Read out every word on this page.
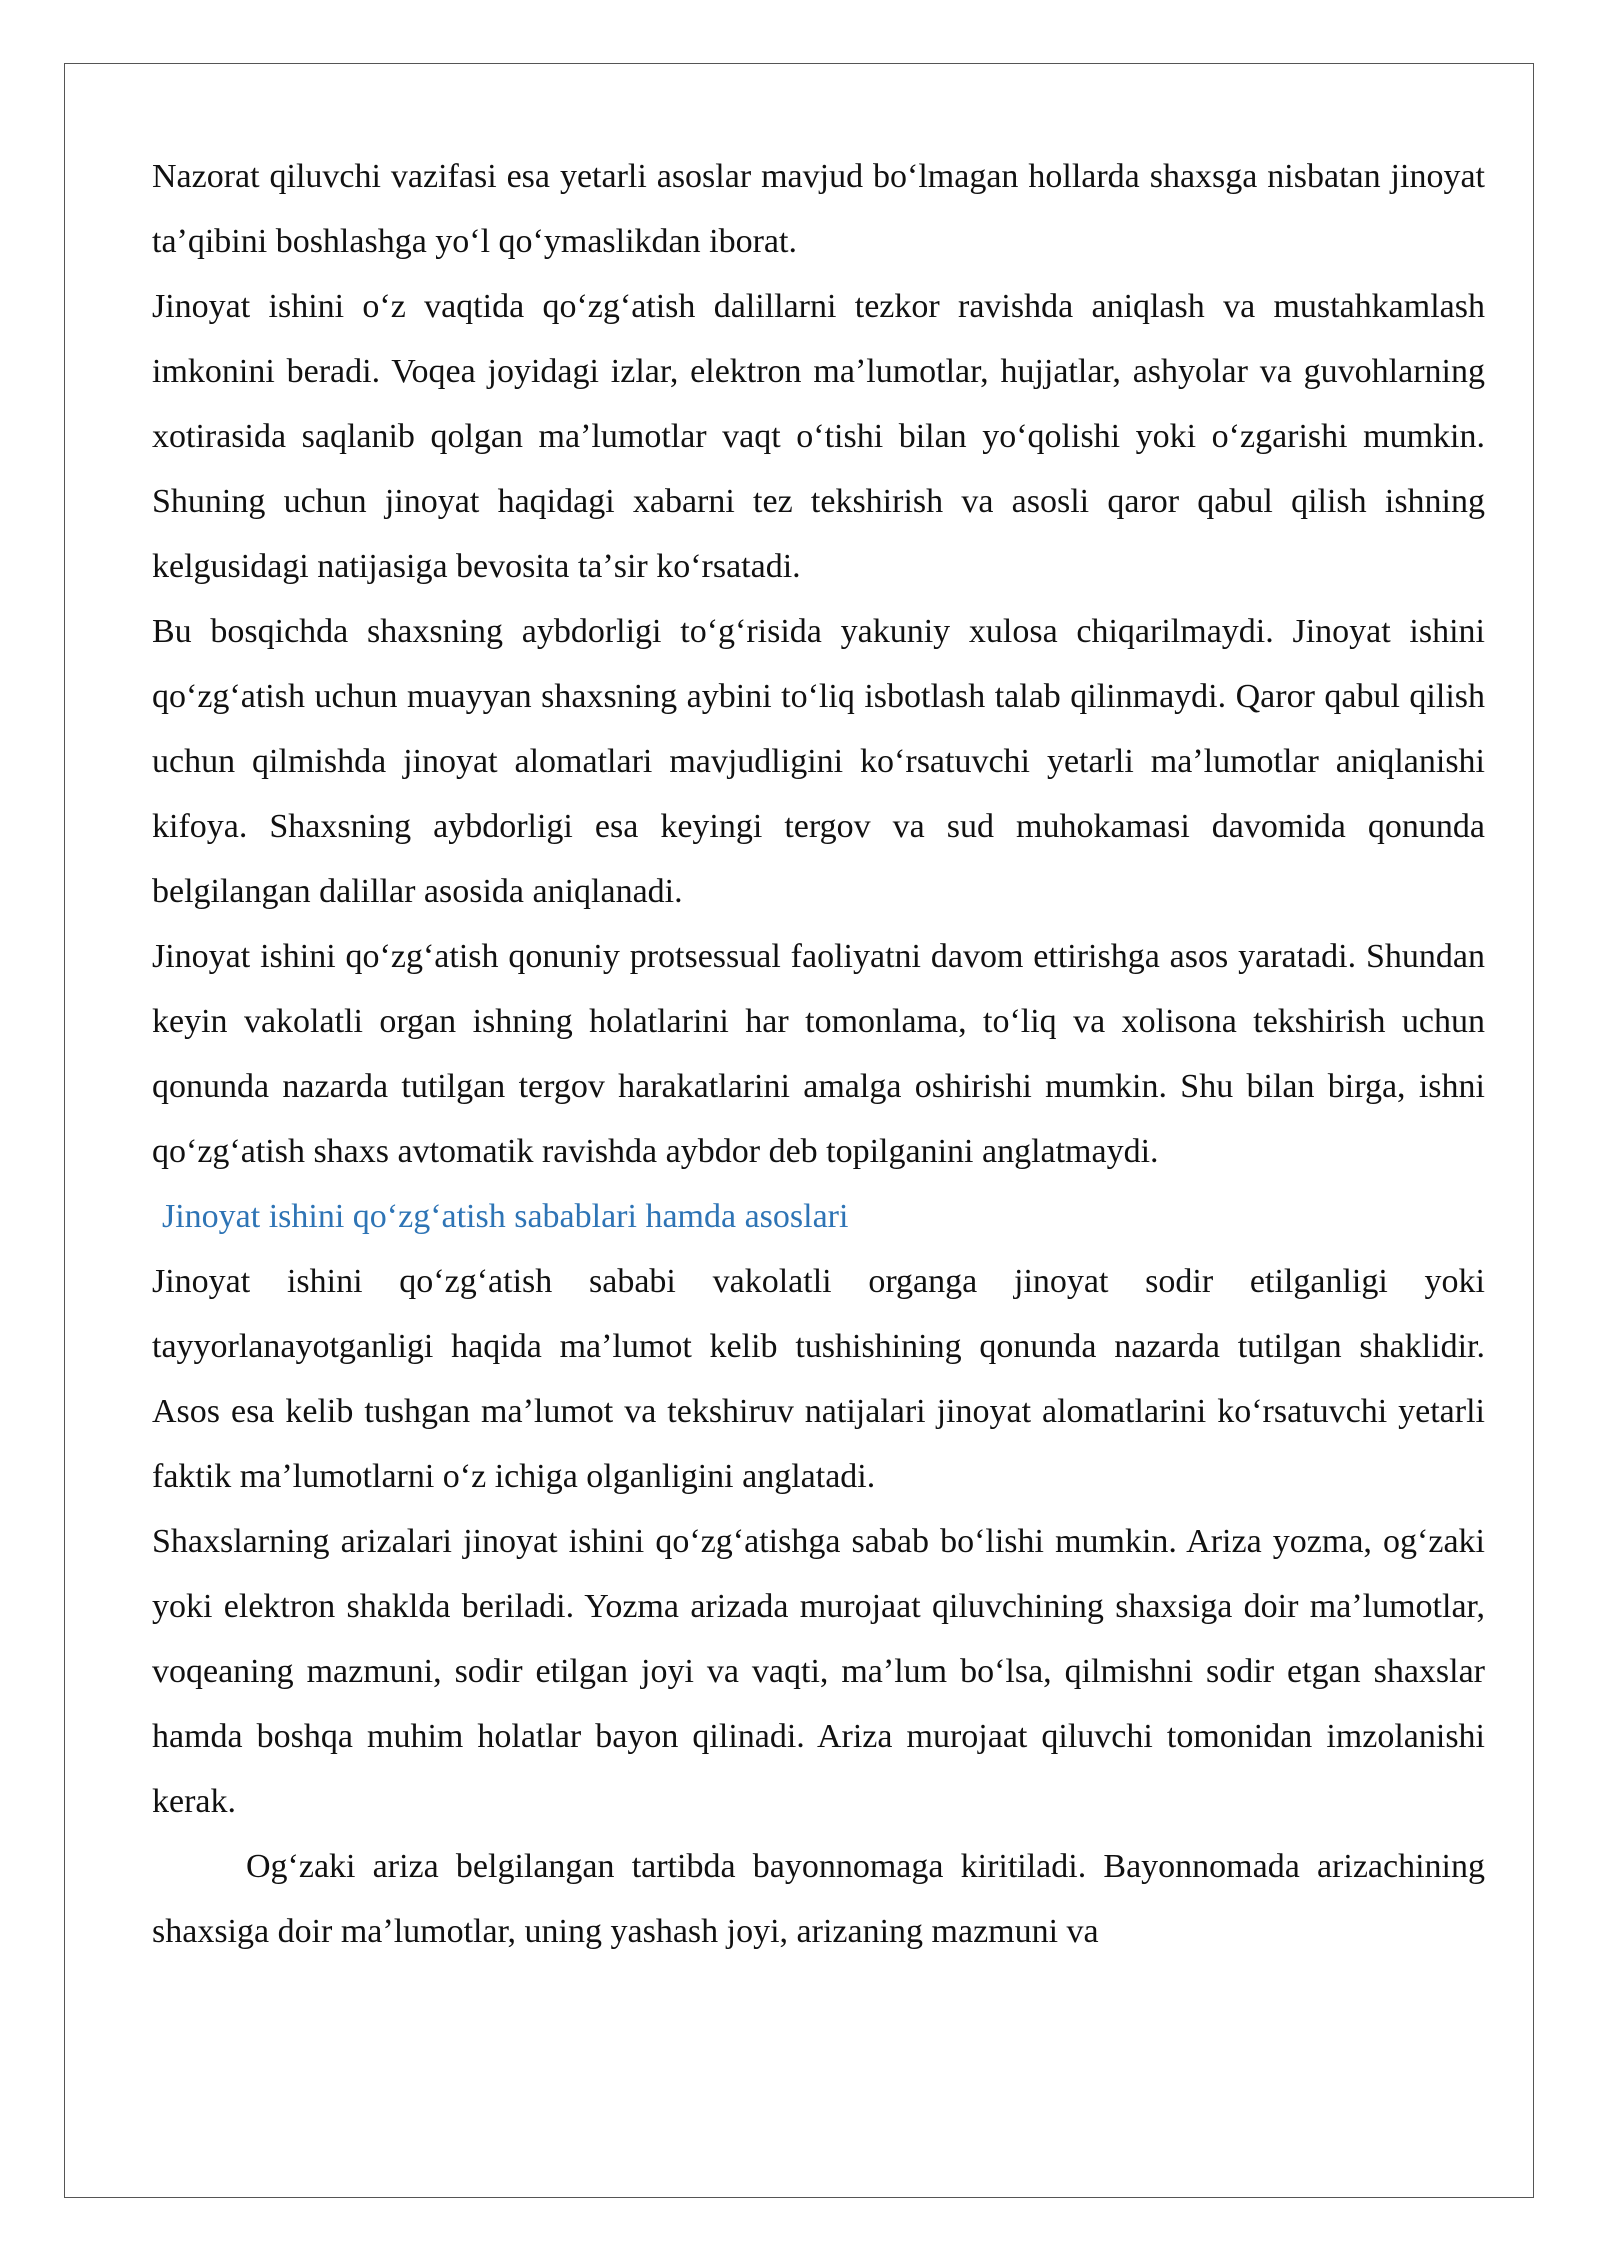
Nazorat qiluvchi vazifasi esa yetarli asoslar mavjud boʻlmagan hollarda shaxsga nisbatan jinoyat taʼqibini boshlashga yoʻl qoʻymaslikdan iborat.

Jinoyat ishini oʻz vaqtida qoʻzgʻatish dalillarni tezkor ravishda aniqlash va mustahkamlash imkonini beradi. Voqea joyidagi izlar, elektron maʼlumotlar, hujjatlar, ashyolar va guvohlarning xotirasida saqlanib qolgan maʼlumotlar vaqt oʻtishi bilan yoʻqolishi yoki oʻzgarishi mumkin. Shuning uchun jinoyat haqidagi xabarni tez tekshirish va asosli qaror qabul qilish ishning kelgusidagi natijasiga bevosita taʼsir koʻrsatadi.

Bu bosqichda shaxsning aybdorligi toʻgʻrisida yakuniy xulosa chiqarilmaydi. Jinoyat ishini qoʻzgʻatish uchun muayyan shaxsning aybini toʻliq isbotlash talab qilinmaydi. Qaror qabul qilish uchun qilmishda jinoyat alomatlari mavjudligini koʻrsatuvchi yetarli maʼlumotlar aniqlanishi kifoya. Shaxsning aybdorligi esa keyingi tergov va sud muhokamasi davomida qonunda belgilangan dalillar asosida aniqlanadi.

Jinoyat ishini qoʻzgʻatish qonuniy protsessual faoliyatni davom ettirishga asos yaratadi. Shundan keyin vakolatli organ ishning holatlarini har tomonlama, toʻliq va xolisona tekshirish uchun qonunda nazarda tutilgan tergov harakatlarini amalga oshirishi mumkin. Shu bilan birga, ishni qoʻzgʻatish shaxs avtomatik ravishda aybdor deb topilganini anglatmaydi.

Jinoyat ishini qoʻzgʻatish sabablari hamda asoslari

Jinoyat ishini qoʻzgʻatish sababi vakolatli organga jinoyat sodir etilganligi yoki tayyorlanayotganligi haqida maʼlumot kelib tushishining qonunda nazarda tutilgan shaklidir. Asos esa kelib tushgan maʼlumot va tekshiruv natijalari jinoyat alomatlarini koʻrsatuvchi yetarli faktik maʼlumotlarni oʻz ichiga olganligini anglatadi.

Shaxslarning arizalari jinoyat ishini qoʻzgʻatishga sabab boʻlishi mumkin. Ariza yozma, ogʻzaki yoki elektron shaklda beriladi. Yozma arizada murojaat qiluvchining shaxsiga doir maʼlumotlar, voqeaning mazmuni, sodir etilgan joyi va vaqti, maʼlum boʻlsa, qilmishni sodir etgan shaxslar hamda boshqa muhim holatlar bayon qilinadi. Ariza murojaat qiluvchi tomonidan imzolanishi kerak.

Ogʻzaki ariza belgilangan tartibda bayonnomaga kiritiladi. Bayonnomada arizachining shaxsiga doir maʼlumotlar, uning yashash joyi, arizaning mazmuni va
